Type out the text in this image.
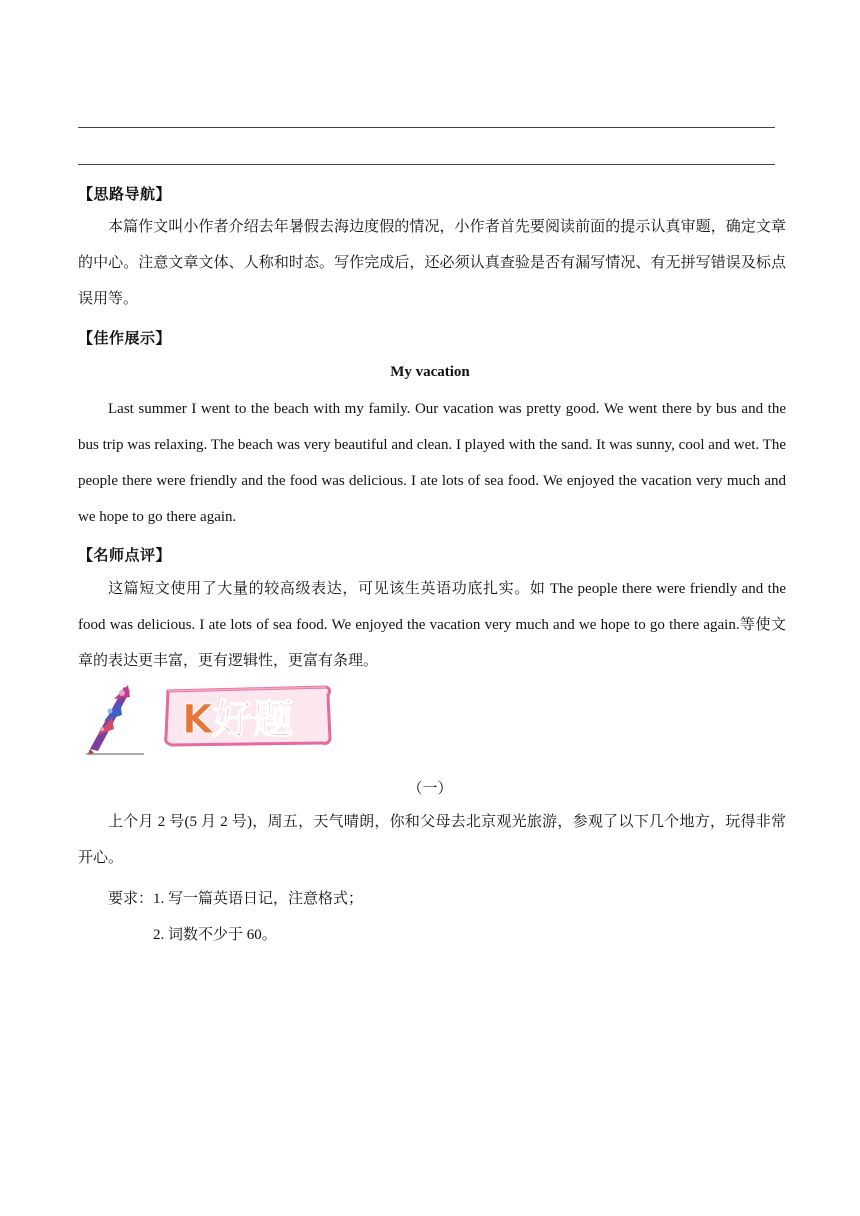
【思路导航】
本篇作文叫小作者介绍去年暑假去海边度假的情况，小作者首先要阅读前面的提示认真审题，确定文章的中心。注意文章文体、人称和时态。写作完成后，还必须认真查验是否有漏写情况、有无拼写错误及标点误用等。
【佳作展示】
My vacation
Last summer I went to the beach with my family. Our vacation was pretty good. We went there by bus and the bus trip was relaxing. The beach was very beautiful and clean. I played with the sand. It was sunny, cool and wet. The people there were friendly and the food was delicious. I ate lots of sea food. We enjoyed the vacation very much and we hope to go there again.
【名师点评】
这篇短文使用了大量的较高级表达，可见该生英语功底扎实。如 The people there were friendly and the food was delicious. I ate lots of sea food. We enjoyed the vacation very much and we hope to go there again.等使文章的表达更丰富，更有逻辑性，更富有条理。
K好题
（一）
上个月 2 号(5 月 2 号)，周五，天气晴朗，你和父母去北京观光旅游，参观了以下几个地方，玩得非常开心。
要求： 1. 写一篇英语日记，注意格式；
2. 词数不少于 60。
